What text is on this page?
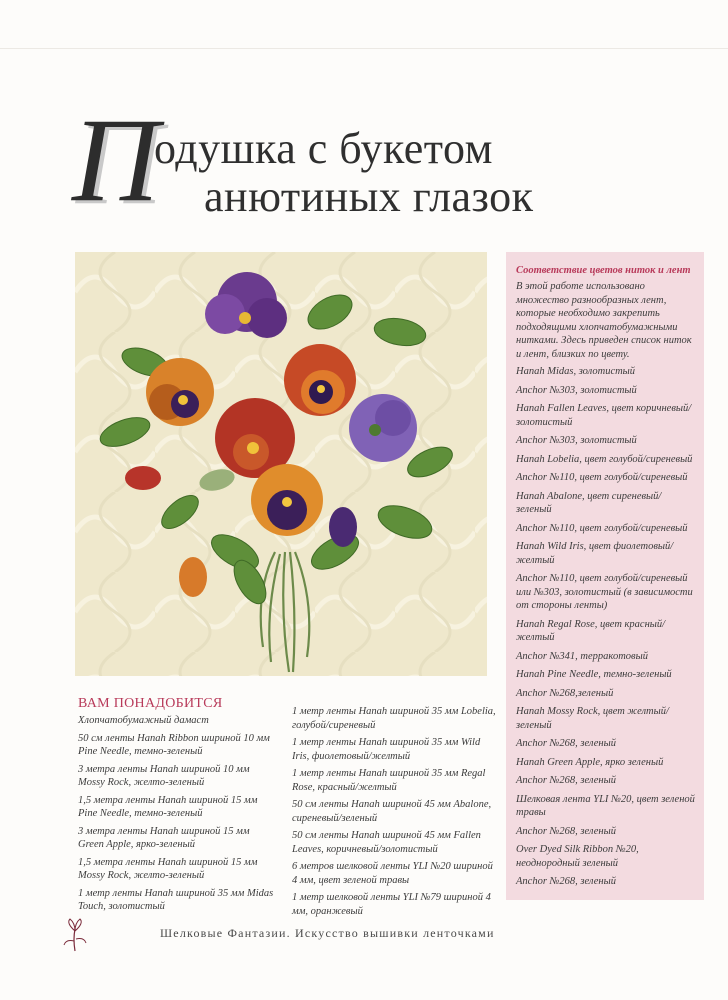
П
одушка с букетом
анютиных глазок
Соответствие цветов ниток и лент
В этой работе использовано множество разнообразных лент, которые необходимо закрепить подходящими хлопчатобумажными нитками. Здесь приведен список ниток и лент, близких по цвету.
Hanah Midas, золотистый
Anchor №303, золотистый
Hanah Fallen Leaves, цвет коричневый/золотистый
Anchor №303, золотистый
Hanah Lobelia, цвет голубой/сиреневый
Anchor №110, цвет голубой/сиреневый
Hanah Abalone, цвет сиреневый/зеленый
Anchor №110, цвет голубой/сиреневый
Hanah Wild Iris, цвет фиолетовый/желтый
Anchor №110, цвет голубой/сиреневый или №303, золотистый (в зависимости от стороны ленты)
Hanah Regal Rose, цвет красный/желтый
Anchor №341, терракотовый
Hanah Pine Needle, темно-зеленый
Anchor №268,зеленый
Hanah Mossy Rock, цвет желтый/зеленый
Anchor №268, зеленый
Hanah Green Apple, ярко зеленый
Anchor №268, зеленый
Шелковая лента YLI №20, цвет зеленой травы
Anchor №268, зеленый
Over Dyed Silk Ribbon №20, неоднородный зеленый
Anchor №268, зеленый
ВАМ ПОНАДОБИТСЯ
Хлопчатобумажный дамаст
50 см ленты Hanah Ribbon шириной 10 мм Pine Needle, темно-зеленый
3 метра ленты Hanah шириной 10 мм Mossy Rock, желто-зеленый
1,5 метра ленты Hanah шириной 15 мм Pine Needle, темно-зеленый
3 метра ленты Hanah шириной 15 мм Green Apple, ярко-зеленый
1,5 метра ленты Hanah шириной 15 мм Mossy Rock, желто-зеленый
1 метр ленты Hanah шириной 35 мм Midas Touch, золотистый
1 метр ленты Hanah шириной 35 мм Lobelia, голубой/сиреневый
1 метр ленты Hanah шириной 35 мм Wild Iris, фиолетовый/желтый
1 метр ленты Hanah шириной 35 мм Regal Rose, красный/желтый
50 см ленты Hanah шириной 45 мм Abalone, сиреневый/зеленый
50 см ленты Hanah шириной 45 мм Fallen Leaves, коричневый/золотистый
6 метров шелковой ленты YLI №20 шириной 4 мм, цвет зеленой травы
1 метр шелковой ленты YLI №79 шириной 4 мм, оранжевый
Шелковые Фантазии. Искусство вышивки ленточками
